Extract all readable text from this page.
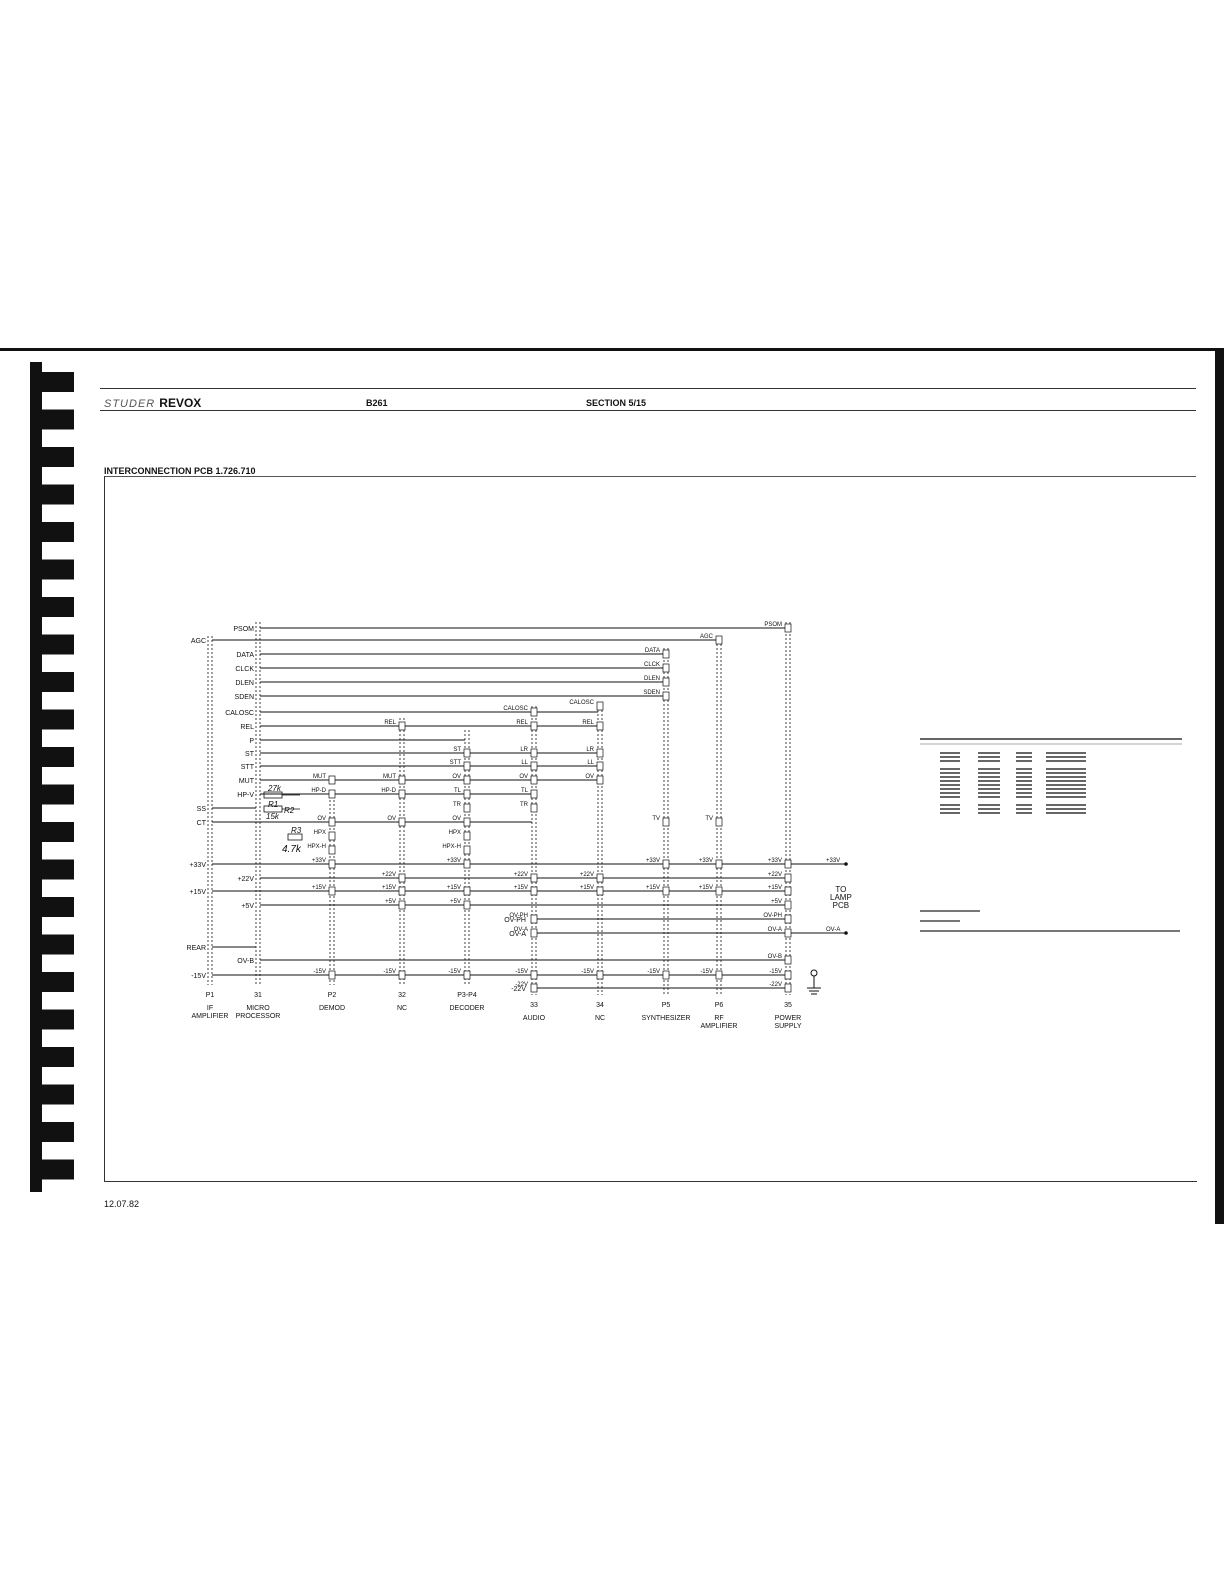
STUDER REVOX	B261	SECTION 5/15
INTERCONNECTION PCB 1.726.710
12.07.82
P1
IF
AMPLIFIER
31
MICRO
PROCESSOR
P2
DEMOD
32
NC
P3-P4
DECODER	33
AUDIO
34
NC
P5
SYNTHESIZER
P6
RF
AMPLIFIER
35
POWER
SUPPLY
PSOM
AGC
DATA
CLCK
DLEN
SDEN
CALOSC
REL
P
ST
STT
MUT
HP-V
SS
CT
+33V
+22V
+15V
+5V
OV-PH
OV-A
REAR
OV-B
-15V
-22V
REL
ST
STT
OV
TL
TR
OV
HPX
HPX-H
LR
LL
OV
TL
TR
LR
LL
OV
TV	TV
MUT
HP-D
OV
HPX
HPX-H
MUT
HP-D
OV
CALOSC
CALOSC
REL	REL
+15V
+15V
+15V
+15V
+15V
+15V
+15V
+22V	+22V
+22V
+5V	+5V
+33V	+33V	+33V	+33V
-15V	-15V	-15V	-15V	-15V	-15V	-15V
-22V
OV-PH
OV-A
OV-PH
OV-A
OV-B
-15V
-22V
+33V
+22V
+15V
+5V
PSOM
AGC
DATA
CLCK
DLEN
SDEN
+33V
OV-A
R1
R2
R3
27k
15k
4.7k
TO
LAMP
PCB
